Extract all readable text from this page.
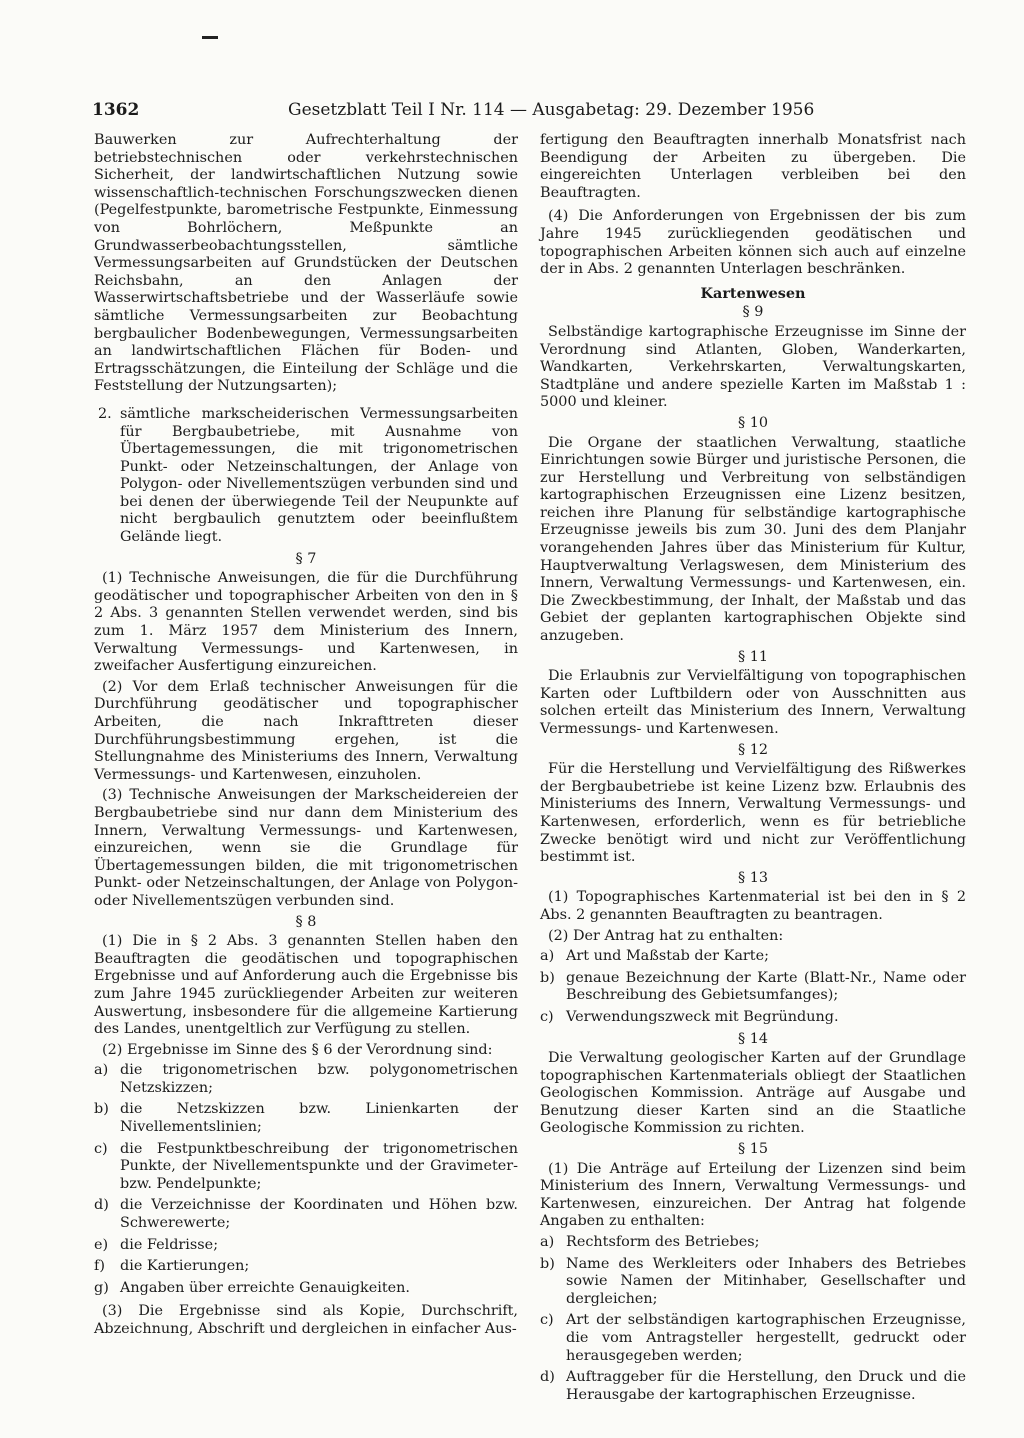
1362	Gesetzblatt Teil I Nr. 114 — Ausgabetag: 29. Dezember 1956

Bauwerken zur Aufrechterhaltung der betriebstechnischen oder verkehrstechnischen Sicherheit, der landwirtschaftlichen Nutzung sowie wissenschaftlich-technischen Forschungszwecken dienen (Pegelfestpunkte, barometrische Festpunkte, Einmessung von Bohrlöchern, Meßpunkte an Grundwasserbeobachtungsstellen, sämtliche Vermessungsarbeiten auf Grundstücken der Deutschen Reichsbahn, an den Anlagen der Wasserwirtschaftsbetriebe und der Wasserläufe sowie sämtliche Vermessungsarbeiten zur Beobachtung bergbaulicher Bodenbewegungen, Vermessungsarbeiten an landwirtschaftlichen Flächen für Boden- und Ertragsschätzungen, die Einteilung der Schläge und die Feststellung der Nutzungsarten);

2. sämtliche markscheiderischen Vermessungsarbeiten für Bergbaubetriebe, mit Ausnahme von Übertagemessungen, die mit trigonometrischen Punkt- oder Netzeinschaltungen, der Anlage von Polygon- oder Nivellementszügen verbunden sind und bei denen der überwiegende Teil der Neupunkte auf nicht bergbaulich genutztem oder beeinflußtem Gelände liegt.
§ 7

(1) Technische Anweisungen, die für die Durchführung geodätischer und topographischer Arbeiten von den in § 2 Abs. 3 genannten Stellen verwendet werden, sind bis zum 1. März 1957 dem Ministerium des Innern, Verwaltung Vermessungs- und Kartenwesen, in zweifacher Ausfertigung einzureichen.

(2) Vor dem Erlaß technischer Anweisungen für die Durchführung geodätischer und topographischer Arbeiten, die nach Inkrafttreten dieser Durchführungsbestimmung ergehen, ist die Stellungnahme des Ministeriums des Innern, Verwaltung Vermessungs- und Kartenwesen, einzuholen.

(3) Technische Anweisungen der Markscheidereien der Bergbaubetriebe sind nur dann dem Ministerium des Innern, Verwaltung Vermessungs- und Kartenwesen, einzureichen, wenn sie die Grundlage für Übertagemessungen bilden, die mit trigonometrischen Punkt- oder Netzeinschaltungen, der Anlage von Polygon- oder Nivellementszügen verbunden sind.

§ 8

(1) Die in § 2 Abs. 3 genannten Stellen haben den Beauftragten die geodätischen und topographischen Ergebnisse und auf Anforderung auch die Ergebnisse bis zum Jahre 1945 zurückliegender Arbeiten zur weiteren Auswertung, insbesondere für die allgemeine Kartierung des Landes, unentgeltlich zur Verfügung zu stellen.

(2) Ergebnisse im Sinne des § 6 der Verordnung sind:

a) die trigonometrischen bzw. polygonometrischen Netzskizzen;
b) die Netzskizzen bzw. Linienkarten der Nivellementslinien;
c) die Festpunktbeschreibung der trigonometrischen Punkte, der Nivellementspunkte und der Gravimeter- bzw. Pendelpunkte;
d) die Verzeichnisse der Koordinaten und Höhen bzw. Schwerewerte;
e) die Feldrisse;
f)	die Kartierungen;
g) Angaben über erreichte Genauigkeiten.

(3) Die Ergebnisse sind als Kopie, Durchschrift, Abzeichnung, Abschrift und dergleichen in einfacher Aus-

fertigung den Beauftragten innerhalb Monatsfrist nach Beendigung der Arbeiten zu übergeben. Die eingereichten Unterlagen verbleiben bei den Beauftragten.

(4) Die Anforderungen von Ergebnissen der bis zum Jahre 1945 zurückliegenden geodätischen und topographischen Arbeiten können sich auch auf einzelne der in Abs. 2 genannten Unterlagen beschränken.

Kartenwesen
§ 9

Selbständige kartographische Erzeugnisse im Sinne der Verordnung sind Atlanten, Globen, Wanderkarten, Wandkarten, Verkehrskarten, Verwaltungskarten, Stadtpläne und andere spezielle Karten im Maßstab 1 : 5000 und kleiner.

§ 10

Die Organe der staatlichen Verwaltung, staatliche Einrichtungen sowie Bürger und juristische Personen, die zur Herstellung und Verbreitung von selbständigen kartographischen Erzeugnissen eine Lizenz besitzen, reichen ihre Planung für selbständige kartographische Erzeugnisse jeweils bis zum 30. Juni des dem Planjahr vorangehenden Jahres über das Ministerium für Kultur, Hauptverwaltung Verlagswesen, dem Ministerium des Innern, Verwaltung Vermessungs- und Kartenwesen, ein. Die Zweckbestimmung, der Inhalt, der Maßstab und das Gebiet der geplanten kartographischen Objekte sind anzugeben.

§ 11

Die Erlaubnis zur Vervielfältigung von topographischen Karten oder Luftbildern oder von Ausschnitten aus solchen erteilt das Ministerium des Innern, Verwaltung Vermessungs- und Kartenwesen.

§ 12

Für die Herstellung und Vervielfältigung des Rißwerkes der Bergbaubetriebe ist keine Lizenz bzw. Erlaubnis des Ministeriums des Innern, Verwaltung Vermessungs- und Kartenwesen, erforderlich, wenn es für betriebliche Zwecke benötigt wird und nicht zur Veröffentlichung bestimmt ist.

§ 13

(1) Topographisches Kartenmaterial ist bei den in § 2 Abs. 2 genannten Beauftragten zu beantragen.

(2) Der Antrag hat zu enthalten:

a) Art und Maßstab der Karte;
b) genaue Bezeichnung der Karte (Blatt-Nr., Name oder Beschreibung des Gebietsumfanges);
c) Verwendungszweck mit Begründung.
§ 14

Die Verwaltung geologischer Karten auf der Grundlage topographischen Kartenmaterials obliegt der Staatlichen Geologischen Kommission. Anträge auf Ausgabe und Benutzung dieser Karten sind an die Staatliche Geologische Kommission zu richten.

§ 15

(1) Die Anträge auf Erteilung der Lizenzen sind beim Ministerium des Innern, Verwaltung Vermessungs- und Kartenwesen, einzureichen. Der Antrag hat folgende Angaben zu enthalten:

a) Rechtsform des Betriebes;
b) Name des Werkleiters oder Inhabers des Betriebes sowie Namen der Mitinhaber, Gesellschafter und dergleichen;
c) Art der selbständigen kartographischen Erzeugnisse, die vom Antragsteller hergestellt, gedruckt oder herausgegeben werden;
d) Auftraggeber für die Herstellung, den Druck und die Herausgabe der kartographischen Erzeugnisse.
